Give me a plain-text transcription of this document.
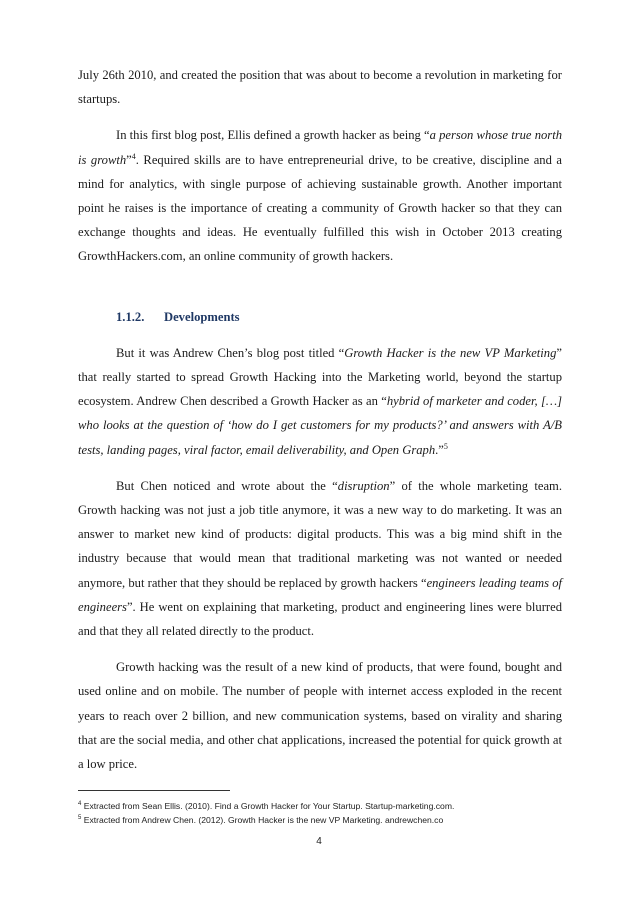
July 26th 2010, and created the position that was about to become a revolution in marketing for startups.

In this first blog post, Ellis defined a growth hacker as being “a person whose true north is growth”$^4$. Required skills are to have entrepreneurial drive, to be creative, discipline and a mind for analytics, with single purpose of achieving sustainable growth. Another important point he raises is the importance of creating a community of Growth hacker so that they can exchange thoughts and ideas. He eventually fulfilled this wish in October 2013 creating GrowthHackers.com, an online community of growth hackers.

1.1.2. Developments

But it was Andrew Chen’s blog post titled “Growth Hacker is the new VP Marketing” that really started to spread Growth Hacking into the Marketing world, beyond the startup ecosystem. Andrew Chen described a Growth Hacker as an “hybrid of marketer and coder, […] who looks at the question of ‘how do I get customers for my products?’ and answers with A/B tests, landing pages, viral factor, email deliverability, and Open Graph.”$^5$

But Chen noticed and wrote about the “disruption” of the whole marketing team. Growth hacking was not just a job title anymore, it was a new way to do marketing. It was an answer to market new kind of products: digital products. This was a big mind shift in the industry because that would mean that traditional marketing was not wanted or needed anymore, but rather that they should be replaced by growth hackers “engineers leading teams of engineers”. He went on explaining that marketing, product and engineering lines were blurred and that they all related directly to the product.

Growth hacking was the result of a new kind of products, that were found, bought and used online and on mobile. The number of people with internet access exploded in the recent years to reach over 2 billion, and new communication systems, based on virality and sharing that are the social media, and other chat applications, increased the potential for quick growth at a low price.

$^4$ Extracted from Sean Ellis. (2010). Find a Growth Hacker for Your Startup. Startup-marketing.com.
$^5$ Extracted from Andrew Chen. (2012). Growth Hacker is the new VP Marketing. andrewchen.co
4
